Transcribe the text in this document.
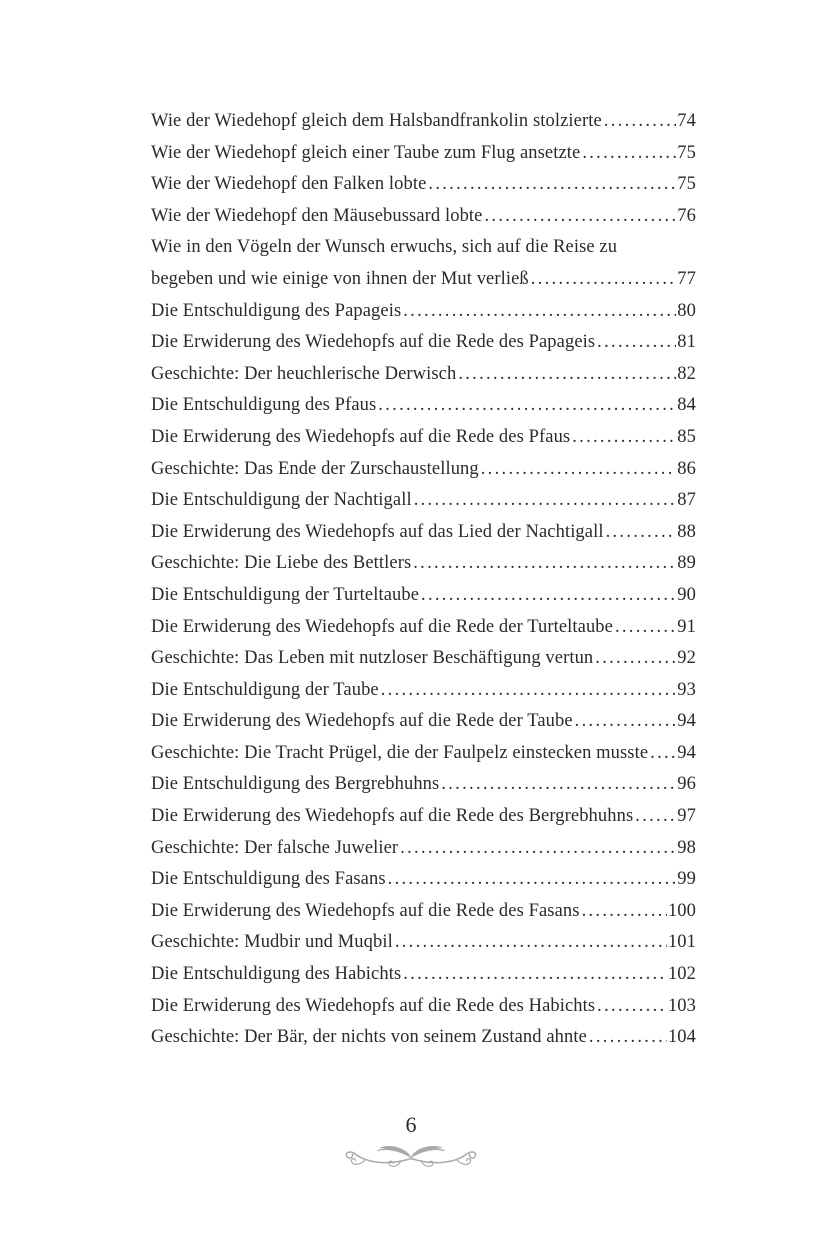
Wie der Wiedehopf gleich dem Halsbandfrankolin stolzierte .....	74
Wie der Wiedehopf gleich einer Taube zum Flug ansetzte .....	75
Wie der Wiedehopf den Falken lobte .....	75
Wie der Wiedehopf den Mäusebussard lobte .....	76
Wie in den Vögeln der Wunsch erwuchs, sich auf die Reise zu
begeben und wie einige von ihnen der Mut verließ .....	77
Die Entschuldigung des Papageis .....	80
Die Erwiderung des Wiedehopfs auf die Rede des Papageis .....	81
Geschichte: Der heuchlerische Derwisch .....	82
Die Entschuldigung des Pfaus .....	84
Die Erwiderung des Wiedehopfs auf die Rede des Pfaus .....	85
Geschichte: Das Ende der Zurschaustellung .....	86
Die Entschuldigung der Nachtigall .....	87
Die Erwiderung des Wiedehopfs auf das Lied der Nachtigall .....	88
Geschichte: Die Liebe des Bettlers .....	89
Die Entschuldigung der Turteltaube .....	90
Die Erwiderung des Wiedehopfs auf die Rede der Turteltaube .....	91
Geschichte: Das Leben mit nutzloser Beschäftigung vertun .....	92
Die Entschuldigung der Taube .....	93
Die Erwiderung des Wiedehopfs auf die Rede der Taube .....	94
Geschichte: Die Tracht Prügel, die der Faulpelz einstecken musste ..... 94
Die Entschuldigung des Bergrebhuhns .....	96
Die Erwiderung des Wiedehopfs auf die Rede des Bergrebhuhns ..... 97
Geschichte: Der falsche Juwelier .....	98
Die Entschuldigung des Fasans .....	99
Die Erwiderung des Wiedehopfs auf die Rede des Fasans .....	100
Geschichte: Mudbir und Muqbil .....	101
Die Entschuldigung des Habichts .....	102
Die Erwiderung des Wiedehopfs auf die Rede des Habichts .....	103
Geschichte: Der Bär, der nichts von seinem Zustand ahnte .....	104
6
